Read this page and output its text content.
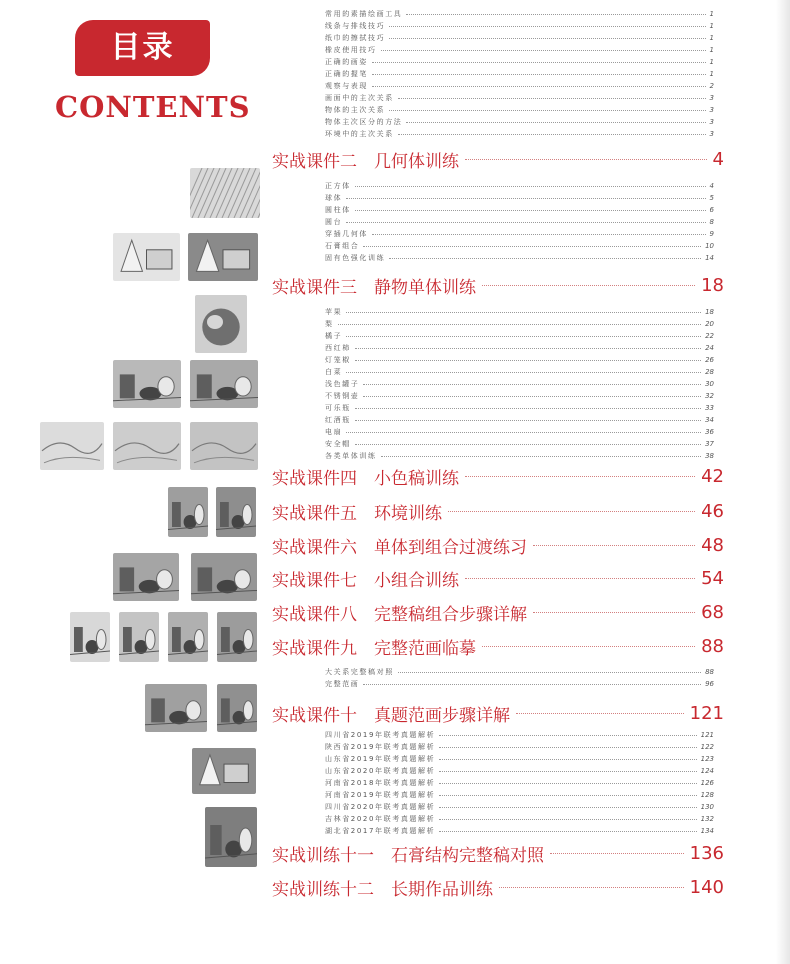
目录
CONTENTS
常用的素描绘画工具	1
线条与排线技巧	1
纸巾的擦拭技巧	1
橡皮使用技巧	1
正确的画姿	1
正确的握笔	1
观察与表现	2
画面中的主次关系	3
物体的主次关系	3
物体主次区分的方法	3
环境中的主次关系	3
实战课件二　几何体训练	4
正方体	4
球体	5
圆柱体	6
圆台	8
穿插几何体	9
石膏组合	10
固有色强化训练	14
实战课件三　静物单体训练	18
苹果	18
梨	20
橘子	22
西红柿	24
灯笼椒	26
白菜	28
浅色罐子	30
不锈钢壶	32
可乐瓶	33
红酒瓶	34
电扇	36
安全帽	37
各类单体训练	38
实战课件四　小色稿训练	42
实战课件五　环境训练	46
实战课件六　单体到组合过渡练习	48
实战课件七　小组合训练	54
实战课件八　完整稿组合步骤详解	68
实战课件九　完整范画临摹	88
大关系完整稿对照	88
完整范画	96
实战课件十　真题范画步骤详解	121
四川省2019年联考真题解析	121
陕西省2019年联考真题解析	122
山东省2019年联考真题解析	123
山东省2020年联考真题解析	124
河南省2018年联考真题解析	126
河南省2019年联考真题解析	128
四川省2020年联考真题解析	130
吉林省2020年联考真题解析	132
湖北省2017年联考真题解析	134
实战训练十一　石膏结构完整稿对照	136
实战训练十二　长期作品训练	140
